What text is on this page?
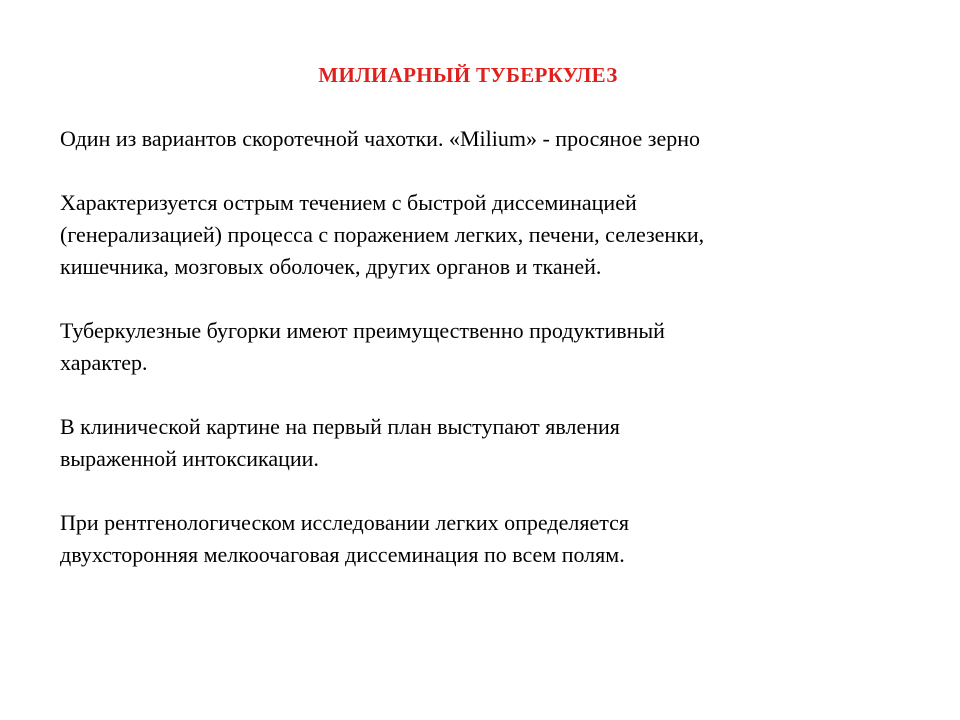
МИЛИАРНЫЙ ТУБЕРКУЛЕЗ

Один из вариантов скоротечной чахотки. «Milium» - просяное зерно

Характеризуется острым течением с быстрой диссеминацией
(генерализацией) процесса с поражением легких, печени, селезенки,
кишечника, мозговых оболочек, других органов и тканей.

Туберкулезные бугорки имеют преимущественно продуктивный
характер.

В клинической картине на первый план выступают явления
выраженной интоксикации.

При рентгенологическом исследовании легких определяется
двухсторонняя мелкоочаговая диссеминация по всем полям.
